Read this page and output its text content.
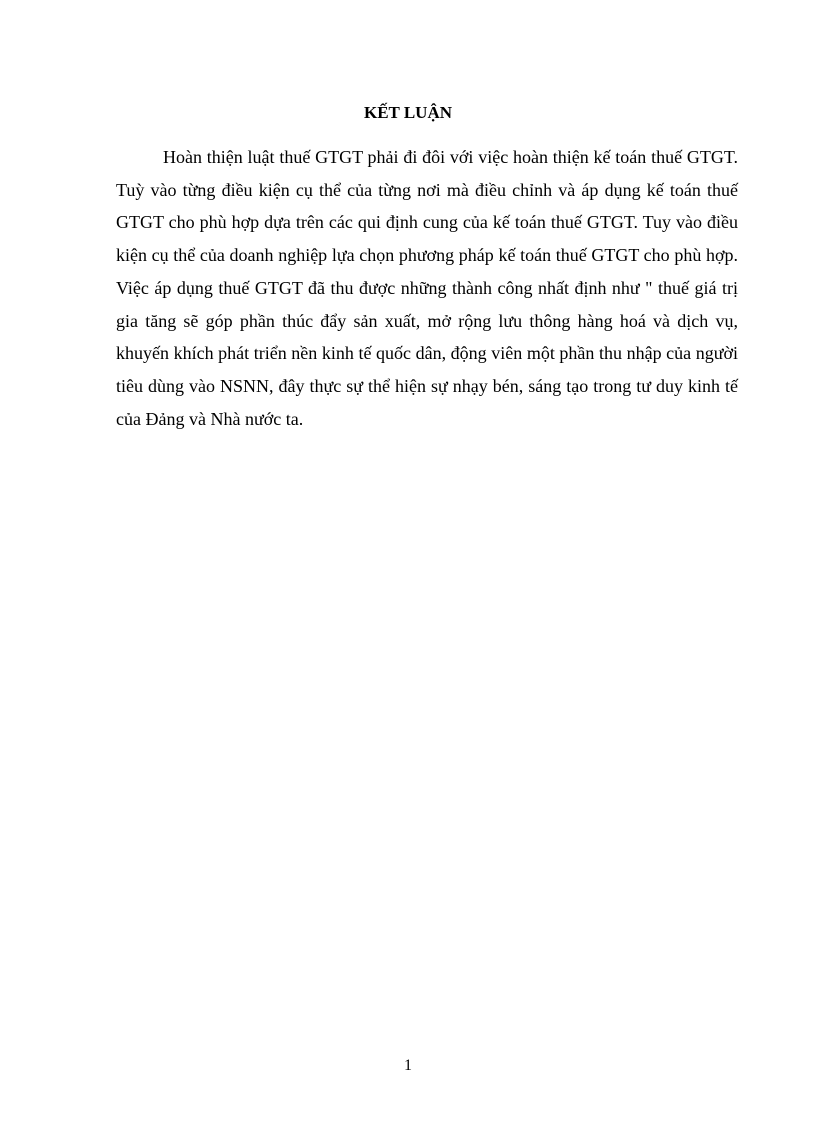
KẾT LUẬN

Hoàn thiện luật thuế GTGT phải đi đôi với việc hoàn thiện kế toán thuế GTGT. Tuỳ vào từng điều kiện cụ thể của từng nơi mà điều chỉnh và áp dụng kế toán thuế GTGT cho phù hợp dựa trên các qui định cung của kế toán thuế GTGT. Tuy vào điều kiện cụ thể của doanh nghiệp lựa chọn phương pháp kế toán thuế GTGT cho phù hợp. Việc áp dụng thuế GTGT đã thu được những thành công nhất định như " thuế giá trị gia tăng sẽ góp phần thúc đẩy sản xuất, mở rộng lưu thông hàng hoá và dịch vụ, khuyến khích phát triển nền kinh tế quốc dân, động viên một phần thu nhập của người tiêu dùng vào NSNN, đây thực sự thể hiện sự nhạy bén, sáng tạo trong tư duy kinh tế của Đảng và Nhà nước ta.

1
